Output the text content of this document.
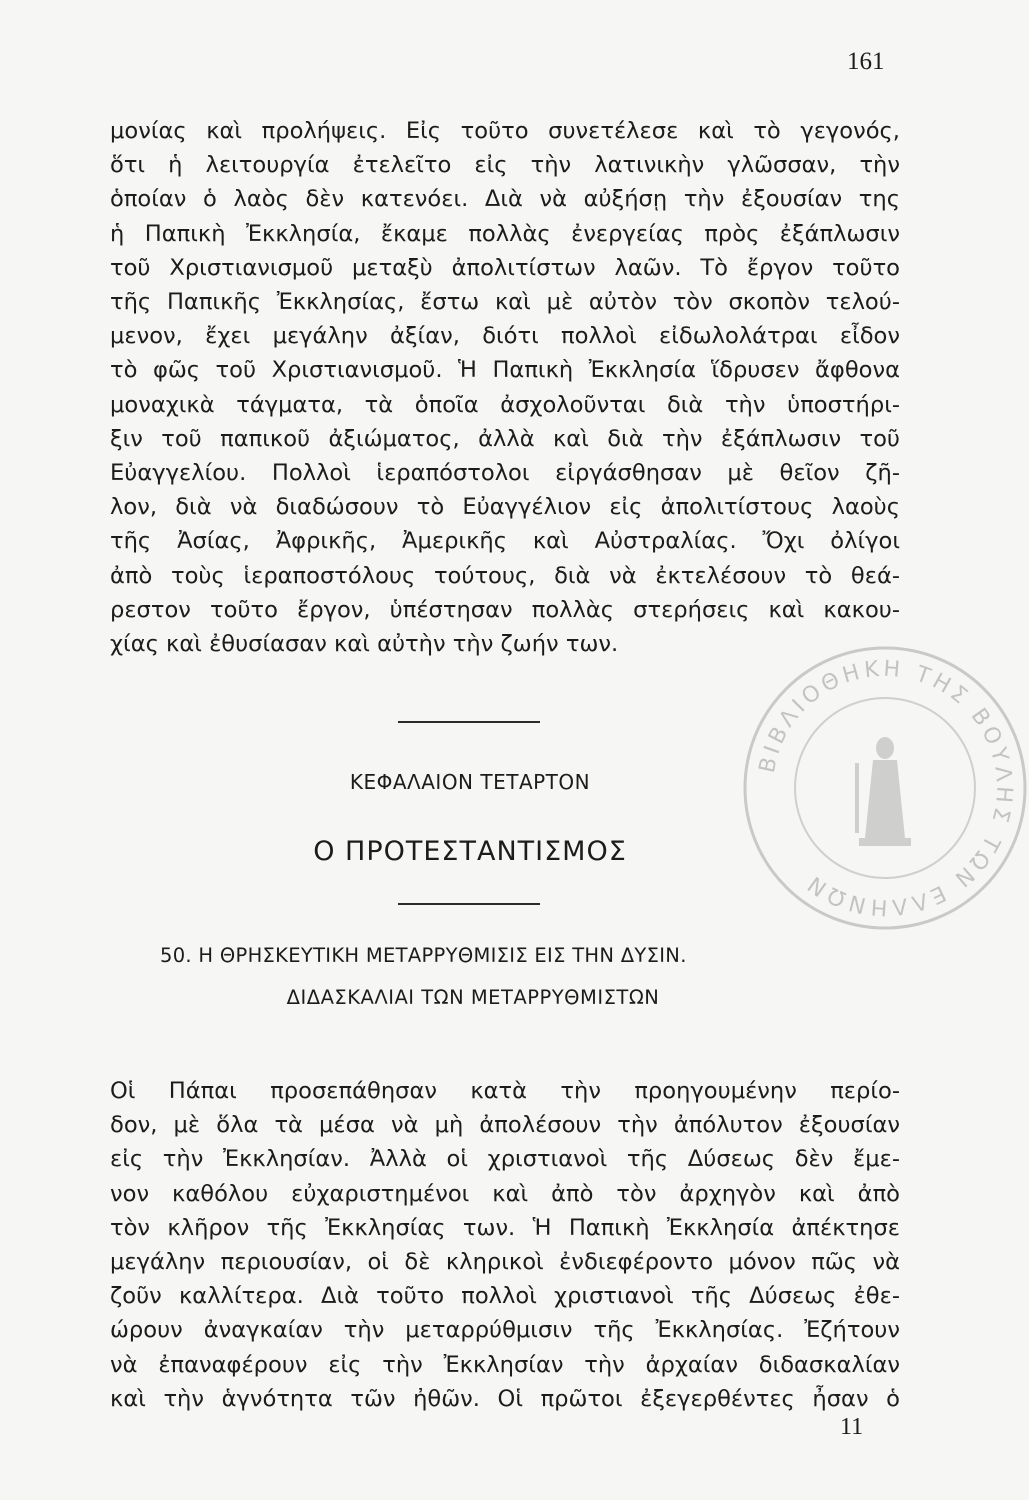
161
μονίας καὶ προλήψεις. Εἰς τοῦτο συνετέλεσε καὶ τὸ γεγονός,
ὅτι ἡ λειτουργία ἐτελεῖτο εἰς τὴν λατινικὴν γλῶσσαν, τὴν
ὁποίαν ὁ λαὸς δὲν κατενόει. Διὰ νὰ αὐξήσῃ τὴν ἐξουσίαν της
ἡ Παπικὴ Ἐκκλησία, ἔκαμε πολλὰς ἐνεργείας πρὸς ἐξάπλωσιν
τοῦ Χριστιανισμοῦ μεταξὺ ἀπολιτίστων λαῶν. Τὸ ἔργον τοῦτο
τῆς Παπικῆς Ἐκκλησίας, ἔστω καὶ μὲ αὐτὸν τὸν σκοπὸν τελού-
μενον, ἔχει μεγάλην ἀξίαν, διότι πολλοὶ εἰδωλολάτραι εἶδον
τὸ φῶς τοῦ Χριστιανισμοῦ. Ἡ Παπικὴ Ἐκκλησία ἵδρυσεν ἄφθονα
μοναχικὰ τάγματα, τὰ ὁποῖα ἀσχολοῦνται διὰ τὴν ὑποστήρι-
ξιν τοῦ παπικοῦ ἀξιώματος, ἀλλὰ καὶ διὰ τὴν ἐξάπλωσιν τοῦ
Εὐαγγελίου. Πολλοὶ ἱεραπόστολοι εἰργάσθησαν μὲ θεῖον ζῆ-
λον, διὰ νὰ διαδώσουν τὸ Εὐαγγέλιον εἰς ἀπολιτίστους λαοὺς
τῆς Ἀσίας, Ἀφρικῆς, Ἀμερικῆς καὶ Αὐστραλίας. Ὄχι ὀλίγοι
ἀπὸ τοὺς ἱεραποστόλους τούτους, διὰ νὰ ἐκτελέσουν τὸ θεά-
ρεστον τοῦτο ἔργον, ὑπέστησαν πολλὰς στερήσεις καὶ κακου-
χίας καὶ ἐθυσίασαν καὶ αὐτὴν τὴν ζωήν των.
ΚΕΦΑΛΑΙΟΝ ΤΕΤΑΡΤΟΝ
Ο ΠΡΟΤΕΣΤΑΝΤΙΣΜΟΣ
50. Η ΘΡΗΣΚΕΥΤΙΚΗ ΜΕΤΑΡΡΥΘΜΙΣΙΣ ΕΙΣ ΤΗΝ ΔΥΣΙΝ.
ΔΙΔΑΣΚΑΛΙΑΙ ΤΩΝ ΜΕΤΑΡΡΥΘΜΙΣΤΩΝ
Οἱ Πάπαι προσεπάθησαν κατὰ τὴν προηγουμένην περίο-
δον, μὲ ὅλα τὰ μέσα νὰ μὴ ἀπολέσουν τὴν ἀπόλυτον ἐξουσίαν
εἰς τὴν Ἐκκλησίαν. Ἀλλὰ οἱ χριστιανοὶ τῆς Δύσεως δὲν ἔμε-
νον καθόλου εὐχαριστημένοι καὶ ἀπὸ τὸν ἀρχηγὸν καὶ ἀπὸ
τὸν κλῆρον τῆς Ἐκκλησίας των. Ἡ Παπικὴ Ἐκκλησία ἀπέκτησε
μεγάλην περιουσίαν, οἱ δὲ κληρικοὶ ἐνδιεφέροντο μόνον πῶς νὰ
ζοῦν καλλίτερα. Διὰ τοῦτο πολλοὶ χριστιανοὶ τῆς Δύσεως ἐθε-
ώρουν ἀναγκαίαν τὴν μεταρρύθμισιν τῆς Ἐκκλησίας. Ἐζήτουν
νὰ ἐπαναφέρουν εἰς τὴν Ἐκκλησίαν τὴν ἀρχαίαν διδασκαλίαν
καὶ τὴν ἁγνότητα τῶν ἠθῶν. Οἱ πρῶτοι ἐξεγερθέντες ἦσαν ὁ
11
ΒΙΒΛΙΟΘΗΚΗ ΤΗΣ ΒΟΥΛΗΣ ΤΩΝ ΕΛΛΗΝΩΝ
